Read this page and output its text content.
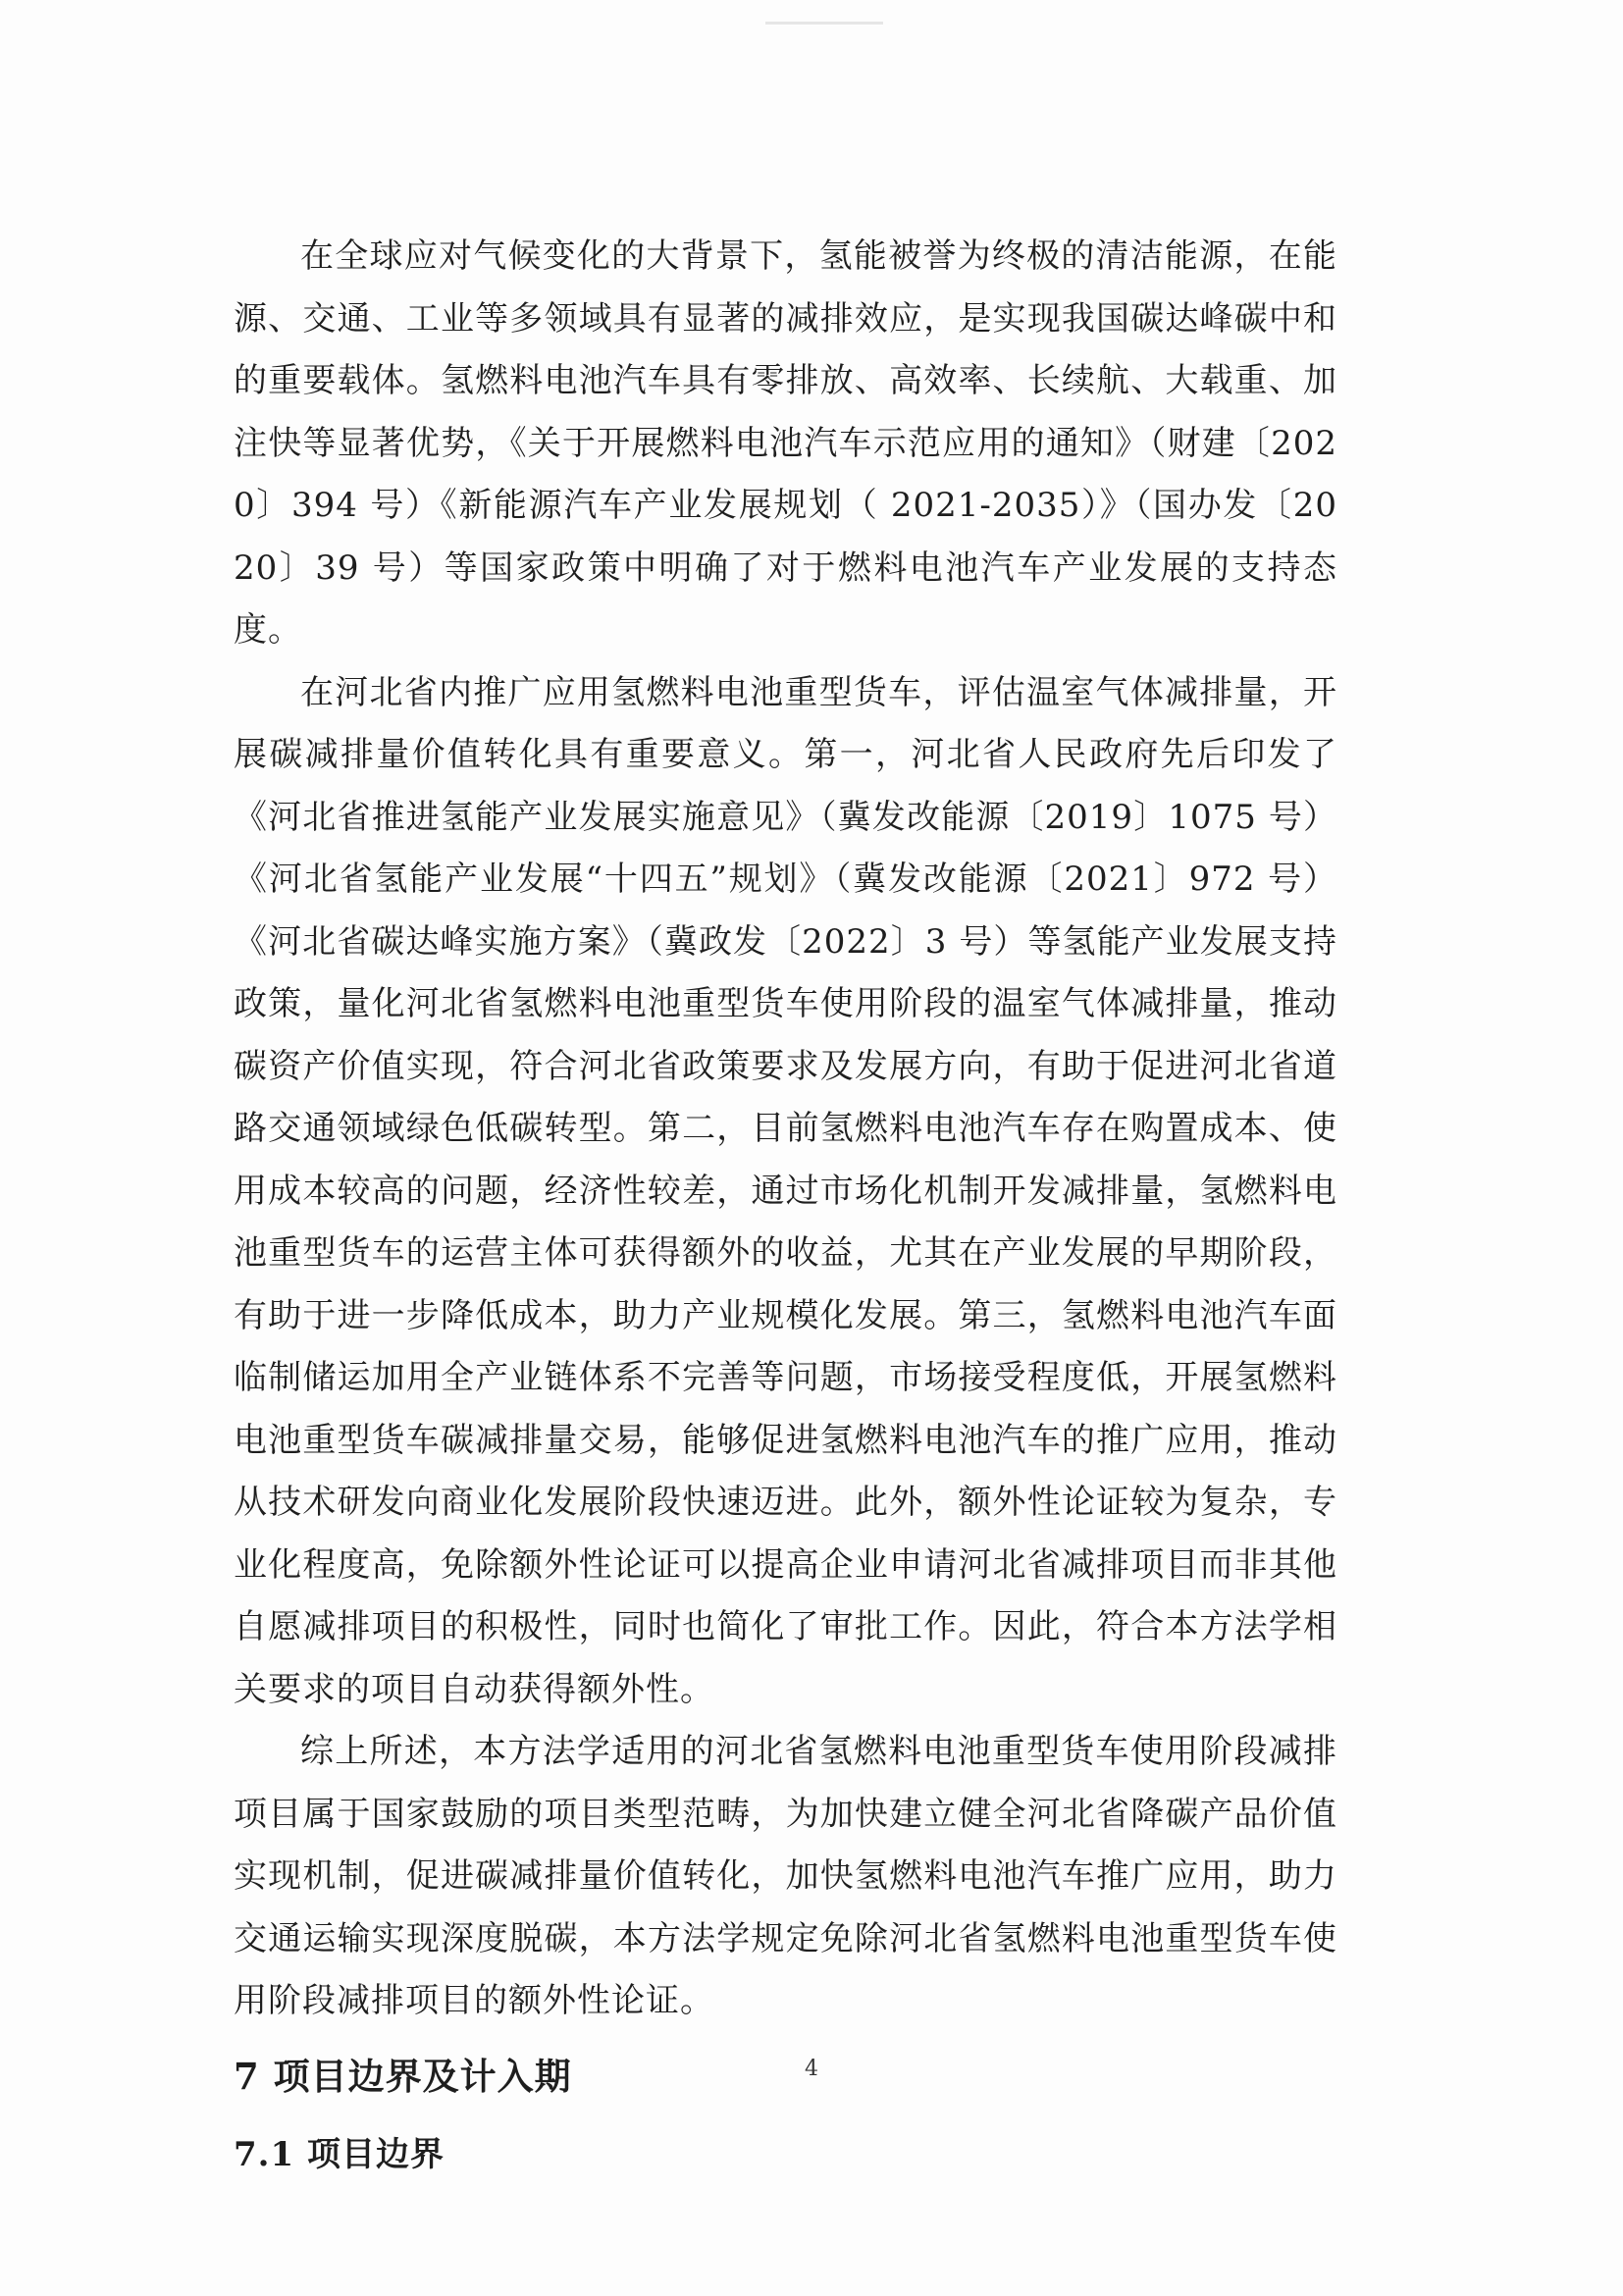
在全球应对气候变化的大背景下，氢能被誉为终极的清洁能源，在能源、交通、工业等多领域具有显著的减排效应，是实现我国碳达峰碳中和的重要载体。氢燃料电池汽车具有零排放、高效率、长续航、大载重、加注快等显著优势，《关于开展燃料电池汽车示范应用的通知》（财建〔2020〕394 号）《新能源汽车产业发展规划（ 2021-2035）》（国办发〔2020〕39 号）等国家政策中明确了对于燃料电池汽车产业发展的支持态度。

在河北省内推广应用氢燃料电池重型货车，评估温室气体减排量，开展碳减排量价值转化具有重要意义。第一，河北省人民政府先后印发了《河北省推进氢能产业发展实施意见》（冀发改能源〔2019〕1075 号）《河北省氢能产业发展“十四五”规划》（冀发改能源〔2021〕972 号）《河北省碳达峰实施方案》（冀政发〔2022〕3 号）等氢能产业发展支持政策，量化河北省氢燃料电池重型货车使用阶段的温室气体减排量，推动碳资产价值实现，符合河北省政策要求及发展方向，有助于促进河北省道路交通领域绿色低碳转型。第二，目前氢燃料电池汽车存在购置成本、使用成本较高的问题，经济性较差，通过市场化机制开发减排量，氢燃料电池重型货车的运营主体可获得额外的收益，尤其在产业发展的早期阶段，有助于进一步降低成本，助力产业规模化发展。第三，氢燃料电池汽车面临制储运加用全产业链体系不完善等问题，市场接受程度低，开展氢燃料电池重型货车碳减排量交易，能够促进氢燃料电池汽车的推广应用，推动从技术研发向商业化发展阶段快速迈进。此外，额外性论证较为复杂，专业化程度高，免除额外性论证可以提高企业申请河北省减排项目而非其他自愿减排项目的积极性，同时也简化了审批工作。因此，符合本方法学相关要求的项目自动获得额外性。

综上所述，本方法学适用的河北省氢燃料电池重型货车使用阶段减排项目属于国家鼓励的项目类型范畴，为加快建立健全河北省降碳产品价值实现机制，促进碳减排量价值转化，加快氢燃料电池汽车推广应用，助力交通运输实现深度脱碳，本方法学规定免除河北省氢燃料电池重型货车使用阶段减排项目的额外性论证。

7 项目边界及计入期
7.1 项目边界
4
